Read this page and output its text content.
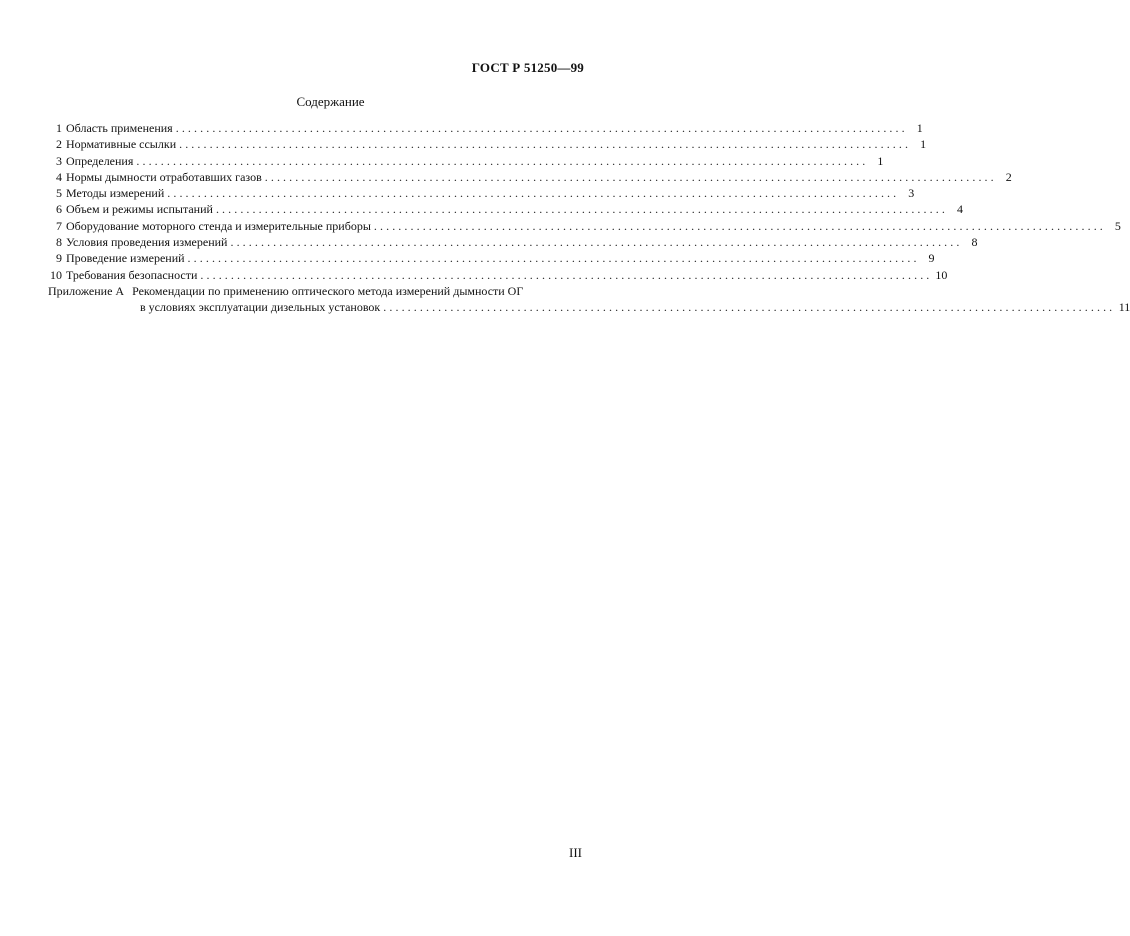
ГОСТ Р 51250—99
Содержание
1 Область применения ........................................................................................................................ 1
2 Нормативные ссылки ........................................................................................................................ 1
3 Определения ........................................................................................................................ 1
4 Нормы дымности отработавших газов ........................................................................................................................ 2
5 Методы измерений ........................................................................................................................ 3
6 Объем и режимы испытаний ........................................................................................................................ 4
7 Оборудование моторного стенда и измерительные приборы ........................................................................................................................ 5
8 Условия проведения измерений ........................................................................................................................ 8
9 Проведение измерений ........................................................................................................................ 9
10 Требования безопасности ........................................................................................................................ 10
Приложение А Рекомендации по применению оптического метода измерений дымности ОГ
в условиях эксплуатации дизельных установок ........................................................................................................................ 11
III
